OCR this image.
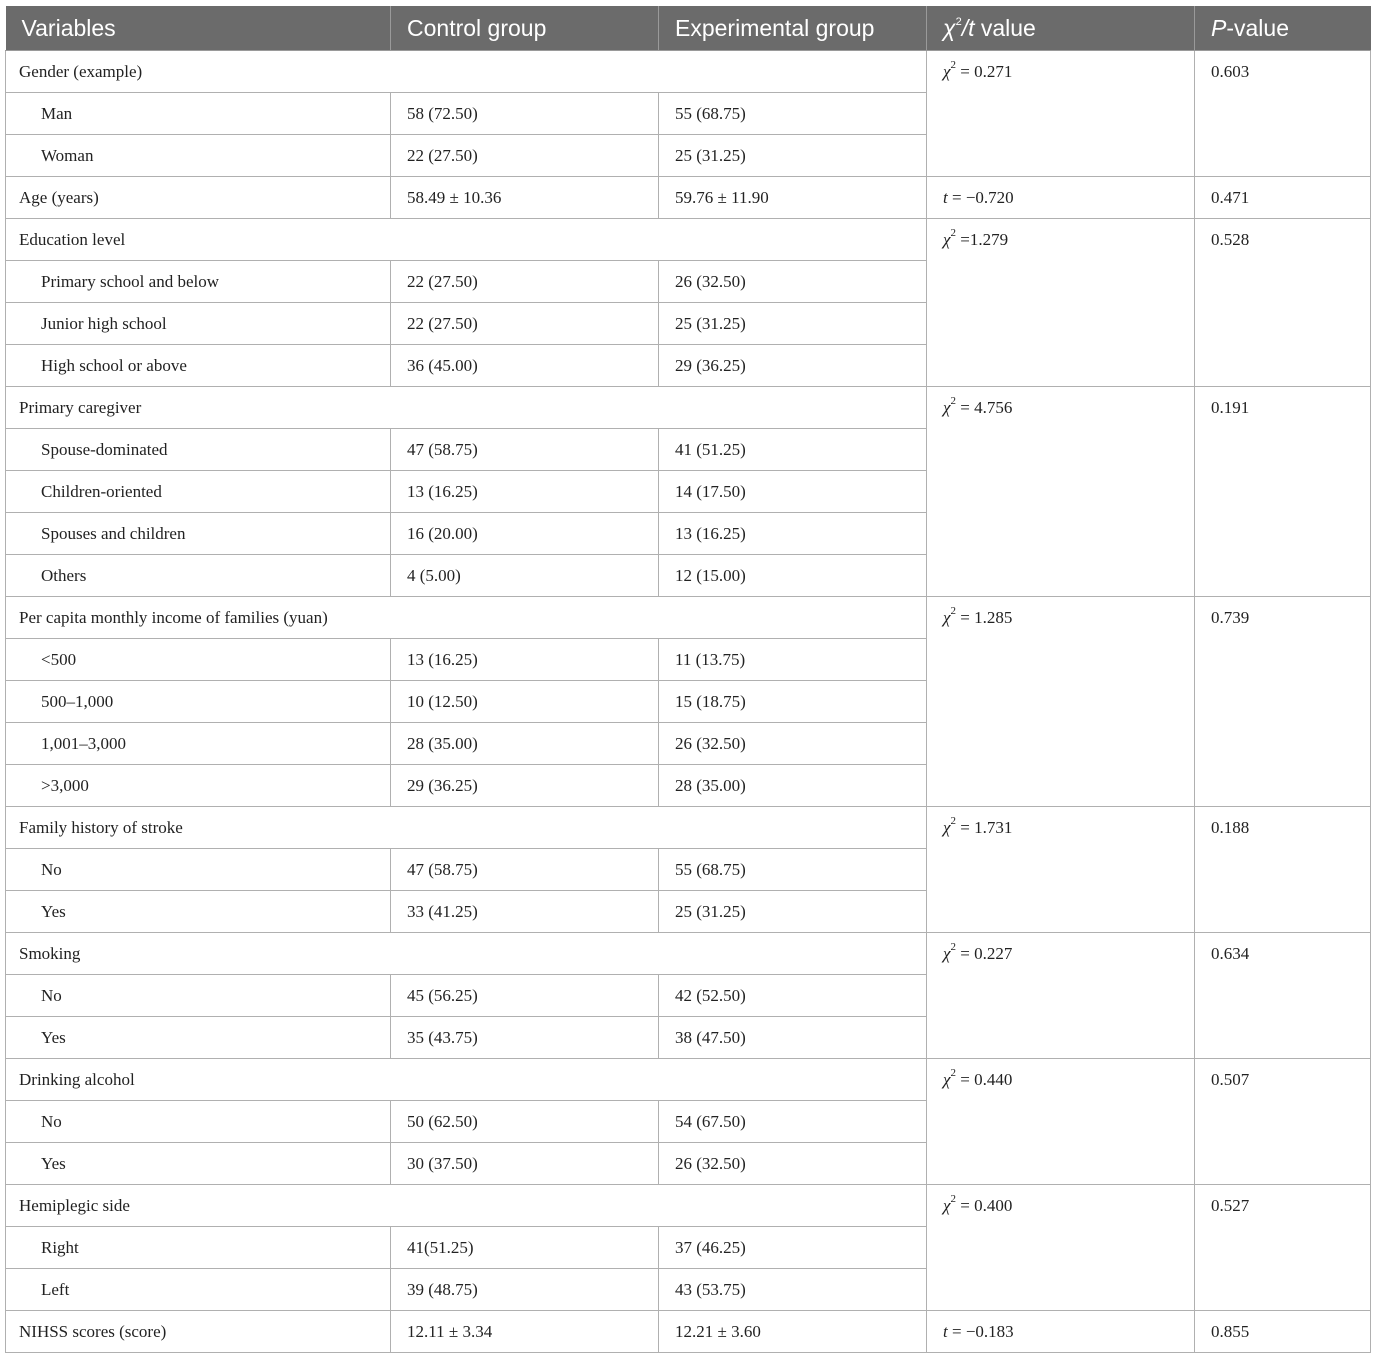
Variables	Control group	Experimental group	$\chi^2/t$ value	P-value
Gender (example)			$\chi^2 = 0.271$	0.603
Man	58 (72.50)	55 (68.75)		
Woman	22 (27.50)	25 (31.25)		
Age (years)	58.49 ± 10.36	59.76 ± 11.90	t = −0.720	0.471
Education level			$\chi^2 =1.279$	0.528
Primary school and below	22 (27.50)	26 (32.50)		
Junior high school	22 (27.50)	25 (31.25)		
High school or above	36 (45.00)	29 (36.25)		
Primary caregiver			$\chi^2 = 4.756$	0.191
Spouse-dominated	47 (58.75)	41 (51.25)		
Children-oriented	13 (16.25)	14 (17.50)		
Spouses and children	16 (20.00)	13 (16.25)		
Others	4 (5.00)	12 (15.00)		
Per capita monthly income of families (yuan)			$\chi^2 = 1.285$	0.739
<500	13 (16.25)	11 (13.75)		
500–1,000	10 (12.50)	15 (18.75)		
1,001–3,000	28 (35.00)	26 (32.50)		
>3,000	29 (36.25)	28 (35.00)		
Family history of stroke			$\chi^2 = 1.731$	0.188
No	47 (58.75)	55 (68.75)		
Yes	33 (41.25)	25 (31.25)		
Smoking			$\chi^2 = 0.227$	0.634
No	45 (56.25)	42 (52.50)		
Yes	35 (43.75)	38 (47.50)		
Drinking alcohol			$\chi^2 = 0.440$	0.507
No	50 (62.50)	54 (67.50)		
Yes	30 (37.50)	26 (32.50)		
Hemiplegic side			$\chi^2 = 0.400$	0.527
Right	41(51.25)	37 (46.25)		
Left	39 (48.75)	43 (53.75)		
NIHSS scores (score)	12.11 ± 3.34	12.21 ± 3.60	t = −0.183	0.855
